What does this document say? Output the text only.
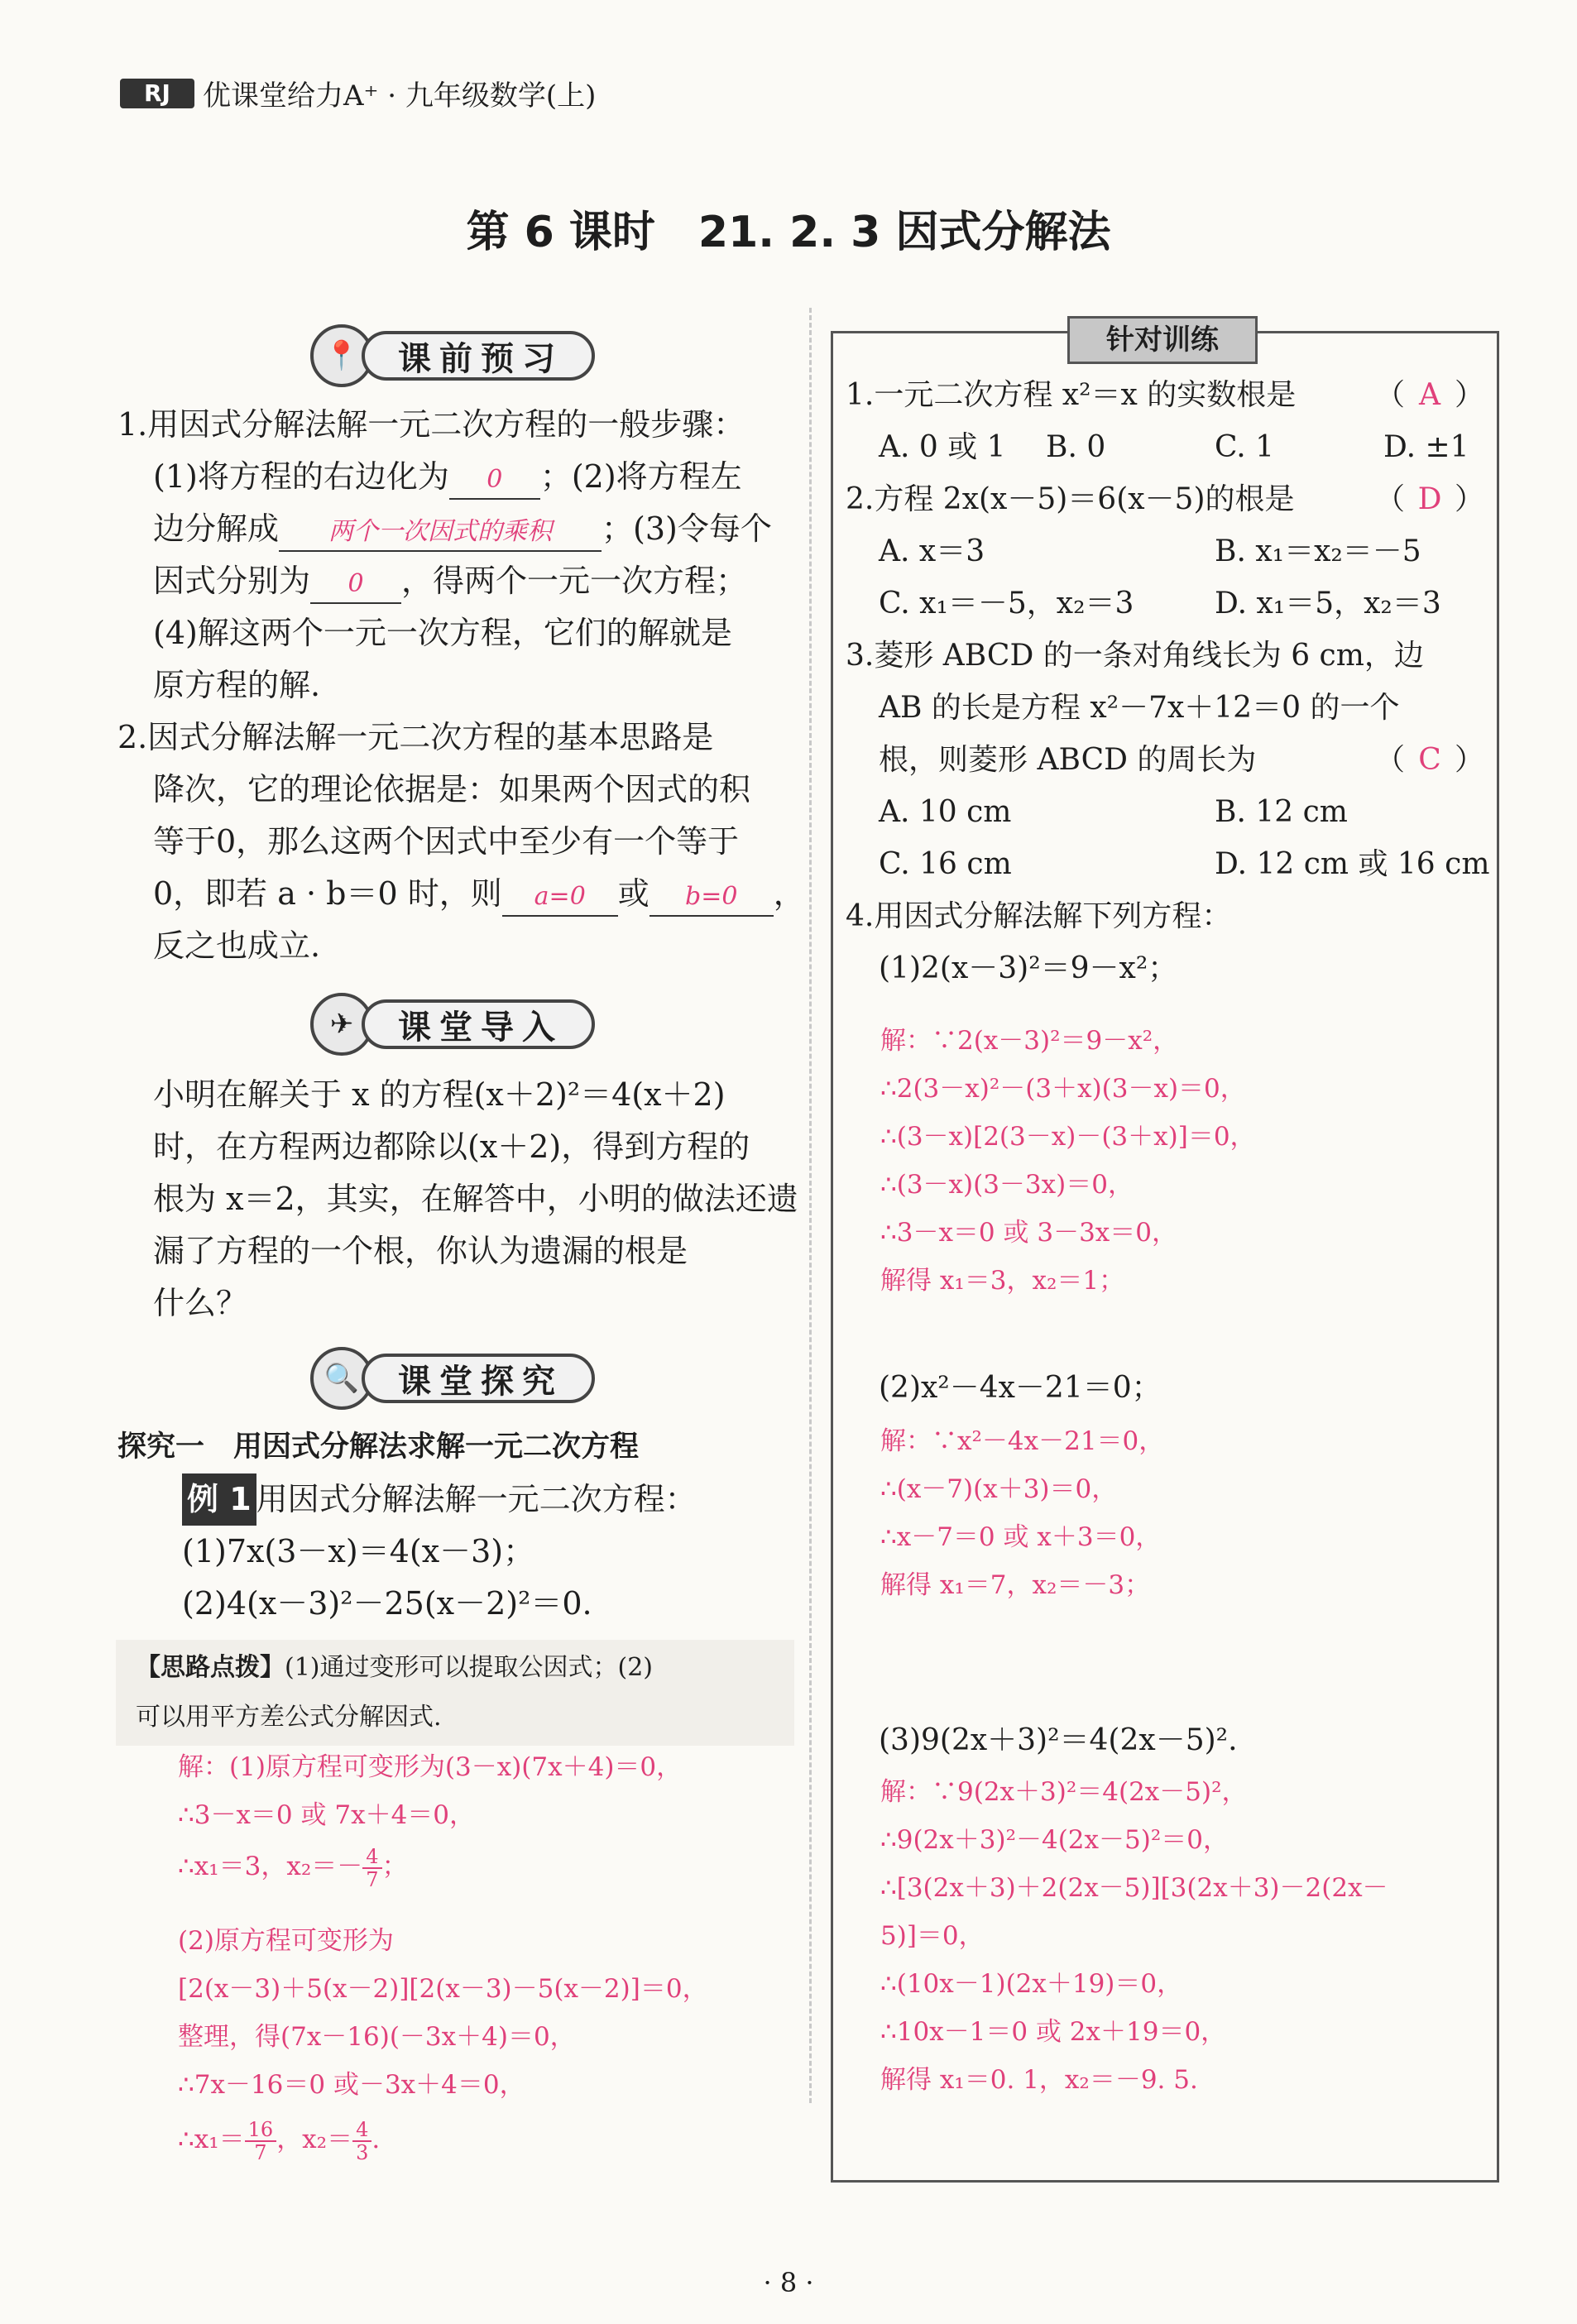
RJ	优课堂给力A⁺ · 九年级数学(上)
第 6 课时　21. 2. 3 因式分解法
📍	课前预习
1.用因式分解法解一元二次方程的一般步骤：
(1)将方程的右边化为 0 ；(2)将方程左
边分解成 两个一次因式的乘积 ；(3)令每个
因式分别为 0 ，得两个一元一次方程；
(4)解这两个一元一次方程，它们的解就是
原方程的解.
2.因式分解法解一元二次方程的基本思路是
降次，它的理论依据是：如果两个因式的积
等于0，那么这两个因式中至少有一个等于
0，即若 a · b＝0 时，则 a=0 或 b=0 ，
反之也成立.
✈	课堂导入
小明在解关于 x 的方程(x＋2)²＝4(x＋2)
时，在方程两边都除以(x＋2)，得到方程的
根为 x＝2，其实，在解答中，小明的做法还遗
漏了方程的一个根，你认为遗漏的根是
什么？
🔍	课堂探究
探究一　用因式分解法求解一元二次方程
例 1 用因式分解法解一元二次方程：
(1)7x(3－x)＝4(x－3)；
(2)4(x－3)²－25(x－2)²＝0.
【思路点拨】(1)通过变形可以提取公因式；(2)
可以用平方差公式分解因式.
解：(1)原方程可变形为(3－x)(7x＋4)＝0，
∴3－x＝0 或 7x＋4＝0，
∴x₁＝3，$x_2=- \frac{4}{7}$ ；
(2)原方程可变形为
[2(x－3)＋5(x－2)][2(x－3)－5(x－2)]＝0，
整理，得(7x－16)(－3x＋4)＝0，
∴7x－16＝0 或－3x＋4＝0，
∴x₁＝ $\frac{16}{7}$ ，$x_2= \frac{4}{3}$ .
针对训练
1.一元二次方程 x²＝x 的实数根是	（ A ）
A. 0 或 1 B. 0	C. 1	D. ±1
2.方程 2x(x－5)＝6(x－5)的根是	（ D ）
A. x＝3	B. x₁＝x₂＝－5
C. x₁＝－5，x₂＝3	D. x₁＝5，x₂＝3
3.菱形 ABCD 的一条对角线长为 6 cm，边
AB 的长是方程 x²－7x＋12＝0 的一个
根，则菱形 ABCD 的周长为	（ C ）
A. 10 cm	B. 12 cm
C. 16 cm	D. 12 cm 或 16 cm
4.用因式分解法解下列方程：
(1)2(x－3)²＝9－x²；
(2)x²－4x－21＝0；
(3)9(2x＋3)²＝4(2x－5)².
解：∵2(x－3)²＝9－x²，
∴2(3－x)²－(3＋x)(3－x)＝0，
∴(3－x)[2(3－x)－(3＋x)]＝0，
∴(3－x)(3－3x)＝0，
∴3－x＝0 或 3－3x＝0，
解得 x₁＝3，x₂＝1；
解：∵x²－4x－21＝0，
∴(x－7)(x＋3)＝0，
∴x－7＝0 或 x＋3＝0，
解得 x₁＝7，x₂＝－3；
解：∵9(2x＋3)²＝4(2x－5)²，
∴9(2x＋3)²－4(2x－5)²＝0，
∴[3(2x＋3)＋2(2x－5)][3(2x＋3)－2(2x－
5)]＝0，
∴(10x－1)(2x＋19)＝0，
∴10x－1＝0 或 2x＋19＝0，
解得 x₁＝0. 1，x₂＝－9. 5.
· 8 ·
